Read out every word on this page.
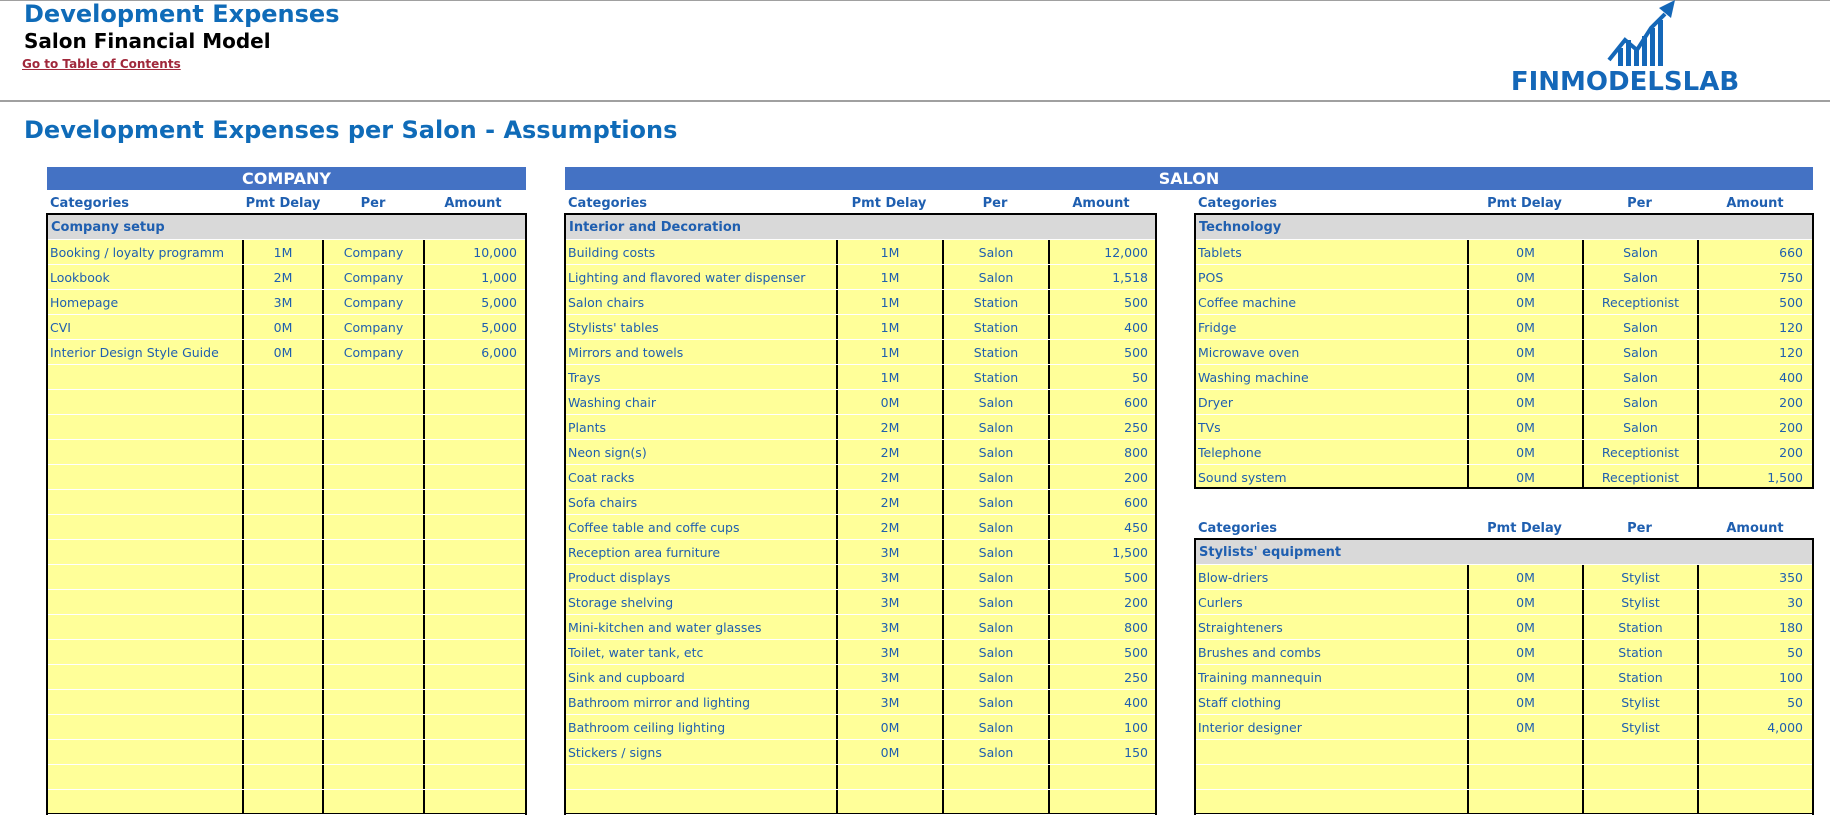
Development Expenses
Salon Financial Model
Go to Table of Contents
FINMODELSLAB
Development Expenses per Salon - Assumptions
COMPANY
Categories	Pmt Delay	Per	Amount
Company setup
Booking / loyalty programm	1M	Company	10,000
Lookbook	2M	Company	1,000
Homepage	3M	Company	5,000
CVI	0M	Company	5,000
Interior Design Style Guide	0M	Company	6,000
SALON
Categories	Pmt Delay	Per	Amount
Interior and Decoration
Building costs	1M	Salon	12,000
Lighting and flavored water dispenser	1M	Salon	1,518
Salon chairs	1M	Station	500
Stylists' tables	1M	Station	400
Mirrors and towels	1M	Station	500
Trays	1M	Station	50
Washing chair	0M	Salon	600
Plants	2M	Salon	250
Neon sign(s)	2M	Salon	800
Coat racks	2M	Salon	200
Sofa chairs	2M	Salon	600
Coffee table and coffe cups	2M	Salon	450
Reception area furniture	3M	Salon	1,500
Product displays	3M	Salon	500
Storage shelving	3M	Salon	200
Mini-kitchen and water glasses	3M	Salon	800
Toilet, water tank, etc	3M	Salon	500
Sink and cupboard	3M	Salon	250
Bathroom mirror and lighting	3M	Salon	400
Bathroom ceiling lighting	0M	Salon	100
Stickers / signs	0M	Salon	150
Categories	Pmt Delay	Per	Amount
Technology
Tablets	0M	Salon	660
POS	0M	Salon	750
Coffee machine	0M	Receptionist	500
Fridge	0M	Salon	120
Microwave oven	0M	Salon	120
Washing machine	0M	Salon	400
Dryer	0M	Salon	200
TVs	0M	Salon	200
Telephone	0M	Receptionist	200
Sound system	0M	Receptionist	1,500
Categories	Pmt Delay	Per	Amount
Stylists' equipment
Blow-driers	0M	Stylist	350
Curlers	0M	Stylist	30
Straighteners	0M	Station	180
Brushes and combs	0M	Station	50
Training mannequin	0M	Station	100
Staff clothing	0M	Stylist	50
Interior designer	0M	Stylist	4,000
